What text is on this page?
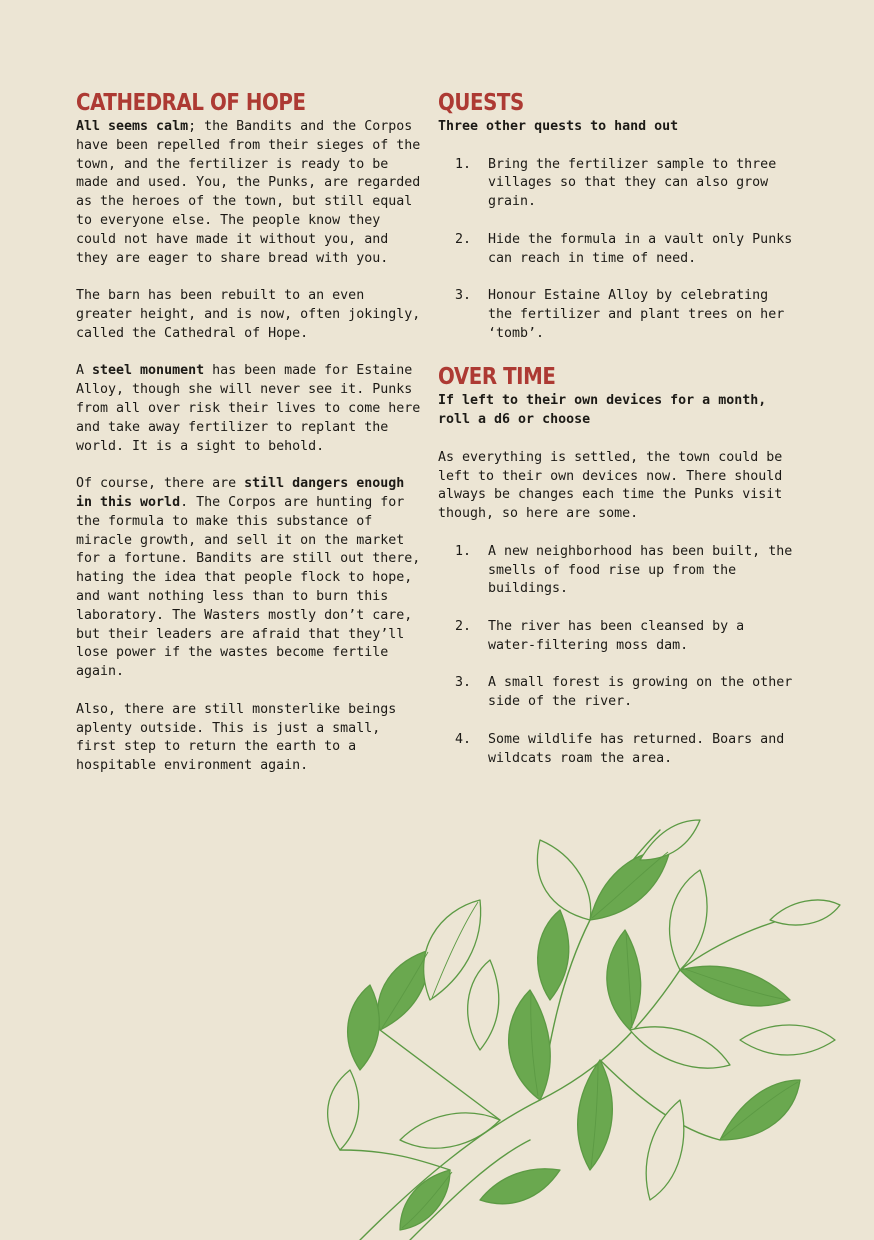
CATHEDRAL OF HOPE

All seems calm; the Bandits and the Corpos have been repelled from their sieges of the town, and the fertilizer is ready to be made and used. You, the Punks, are regarded as the heroes of the town, but still equal to everyone else. The people know they could not have made it without you, and they are eager to share bread with you.

The barn has been rebuilt to an even greater height, and is now, often jokingly, called the Cathedral of Hope.

A steel monument has been made for Estaine Alloy, though she will never see it. Punks from all over risk their lives to come here and take away fertilizer to replant the world. It is a sight to behold.

Of course, there are still dangers enough in this world. The Corpos are hunting for the formula to make this substance of miracle growth, and sell it on the market for a fortune. Bandits are still out there, hating the idea that people flock to hope, and want nothing less than to burn this laboratory. The Wasters mostly don’t care, but their leaders are afraid that they’ll lose power if the wastes become fertile again.

Also, there are still monsterlike beings aplenty outside. This is just a small, first step to return the earth to a hospitable environment again.

QUESTS
Three other quests to hand out
1. Bring the fertilizer sample to three villages so that they can also grow grain.
2. Hide the formula in a vault only Punks can reach in time of need.
3. Honour Estaine Alloy by celebrating the fertilizer and plant trees on her ‘tomb’.
OVER TIME
If left to their own devices for a month, roll a d6 or choose

As everything is settled, the town could be left to their own devices now. There should always be changes each time the Punks visit though, so here are some.

1. A new neighborhood has been built, the smells of food rise up from the buildings.
2. The river has been cleansed by a water-filtering moss dam.
3. A small forest is growing on the other side of the river.
4. Some wildlife has returned. Boars and wildcats roam the area.
